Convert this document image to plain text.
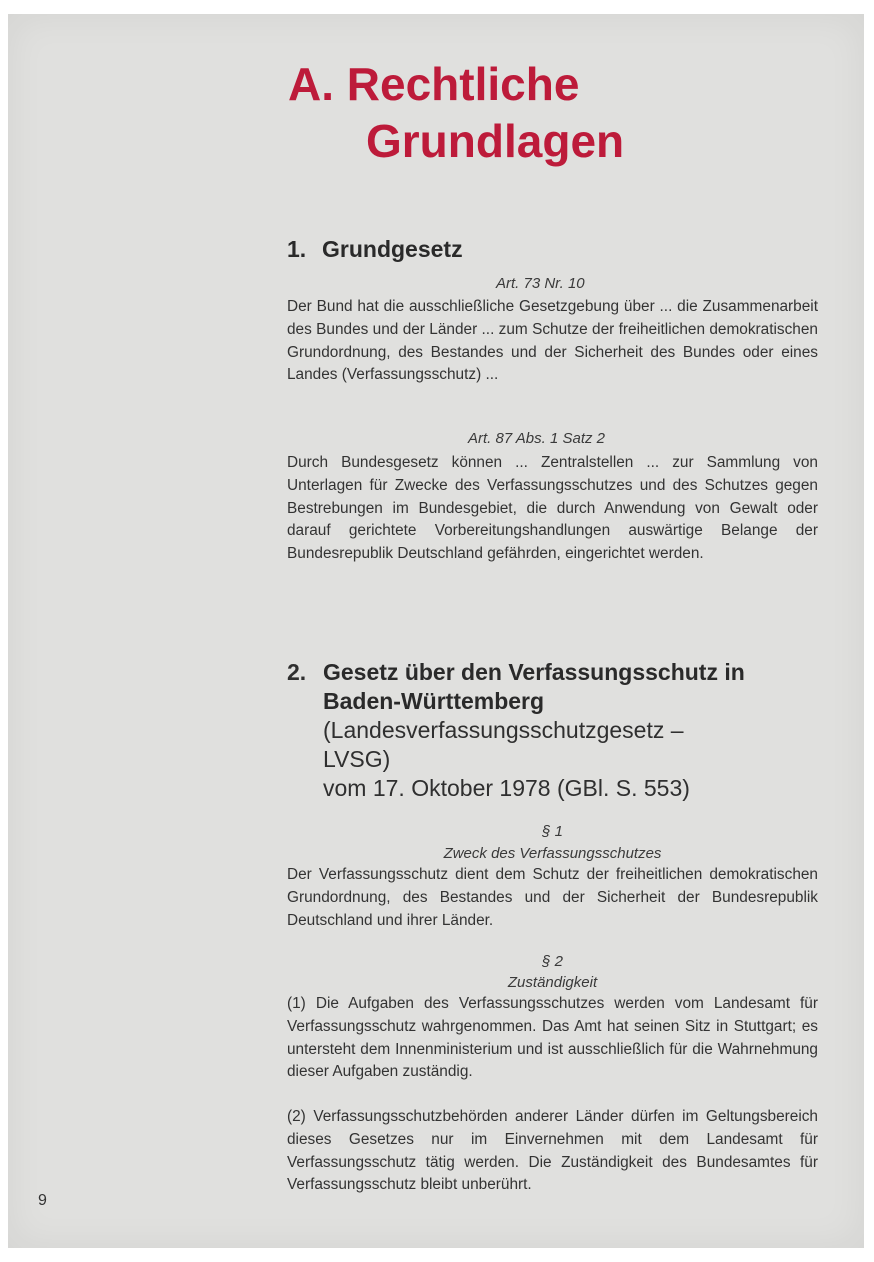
A. Rechtliche
Grundlagen
1. Grundgesetz

Art. 73 Nr. 10

Der Bund hat die ausschließliche Gesetzgebung über ... die Zusammenarbeit des Bundes und der Länder ... zum Schutze der freiheitlichen demokratischen Grundordnung, des Bestandes und der Sicherheit des Bundes oder eines Landes (Verfassungsschutz) ...

Art. 87 Abs. 1 Satz 2

Durch Bundesgesetz können ... Zentralstellen ... zur Sammlung von Unterlagen für Zwecke des Verfassungsschutzes und des Schutzes gegen Bestrebungen im Bundesgebiet, die durch Anwendung von Gewalt oder darauf gerichtete Vorbereitungshandlungen auswärtige Belange der Bundesrepublik Deutschland gefährden, eingerichtet werden.

2. Gesetz über den Verfassungsschutz in
Baden-Württemberg
(Landesverfassungsschutzgesetz –
LVSG)
vom 17. Oktober 1978 (GBl. S. 553)

§ 1

Zweck des Verfassungsschutzes

Der Verfassungsschutz dient dem Schutz der freiheitlichen demokratischen Grundordnung, des Bestandes und der Sicherheit der Bundesrepublik Deutschland und ihrer Länder.

§ 2

Zuständigkeit

(1) Die Aufgaben des Verfassungsschutzes werden vom Landesamt für Verfassungsschutz wahrgenommen. Das Amt hat seinen Sitz in Stuttgart; es untersteht dem Innenministerium und ist ausschließlich für die Wahrnehmung dieser Aufgaben zuständig.

(2) Verfassungsschutzbehörden anderer Länder dürfen im Geltungsbereich dieses Gesetzes nur im Einvernehmen mit dem Landesamt für Verfassungsschutz tätig werden. Die Zuständigkeit des Bundesamtes für Verfassungsschutz bleibt unberührt.

9
